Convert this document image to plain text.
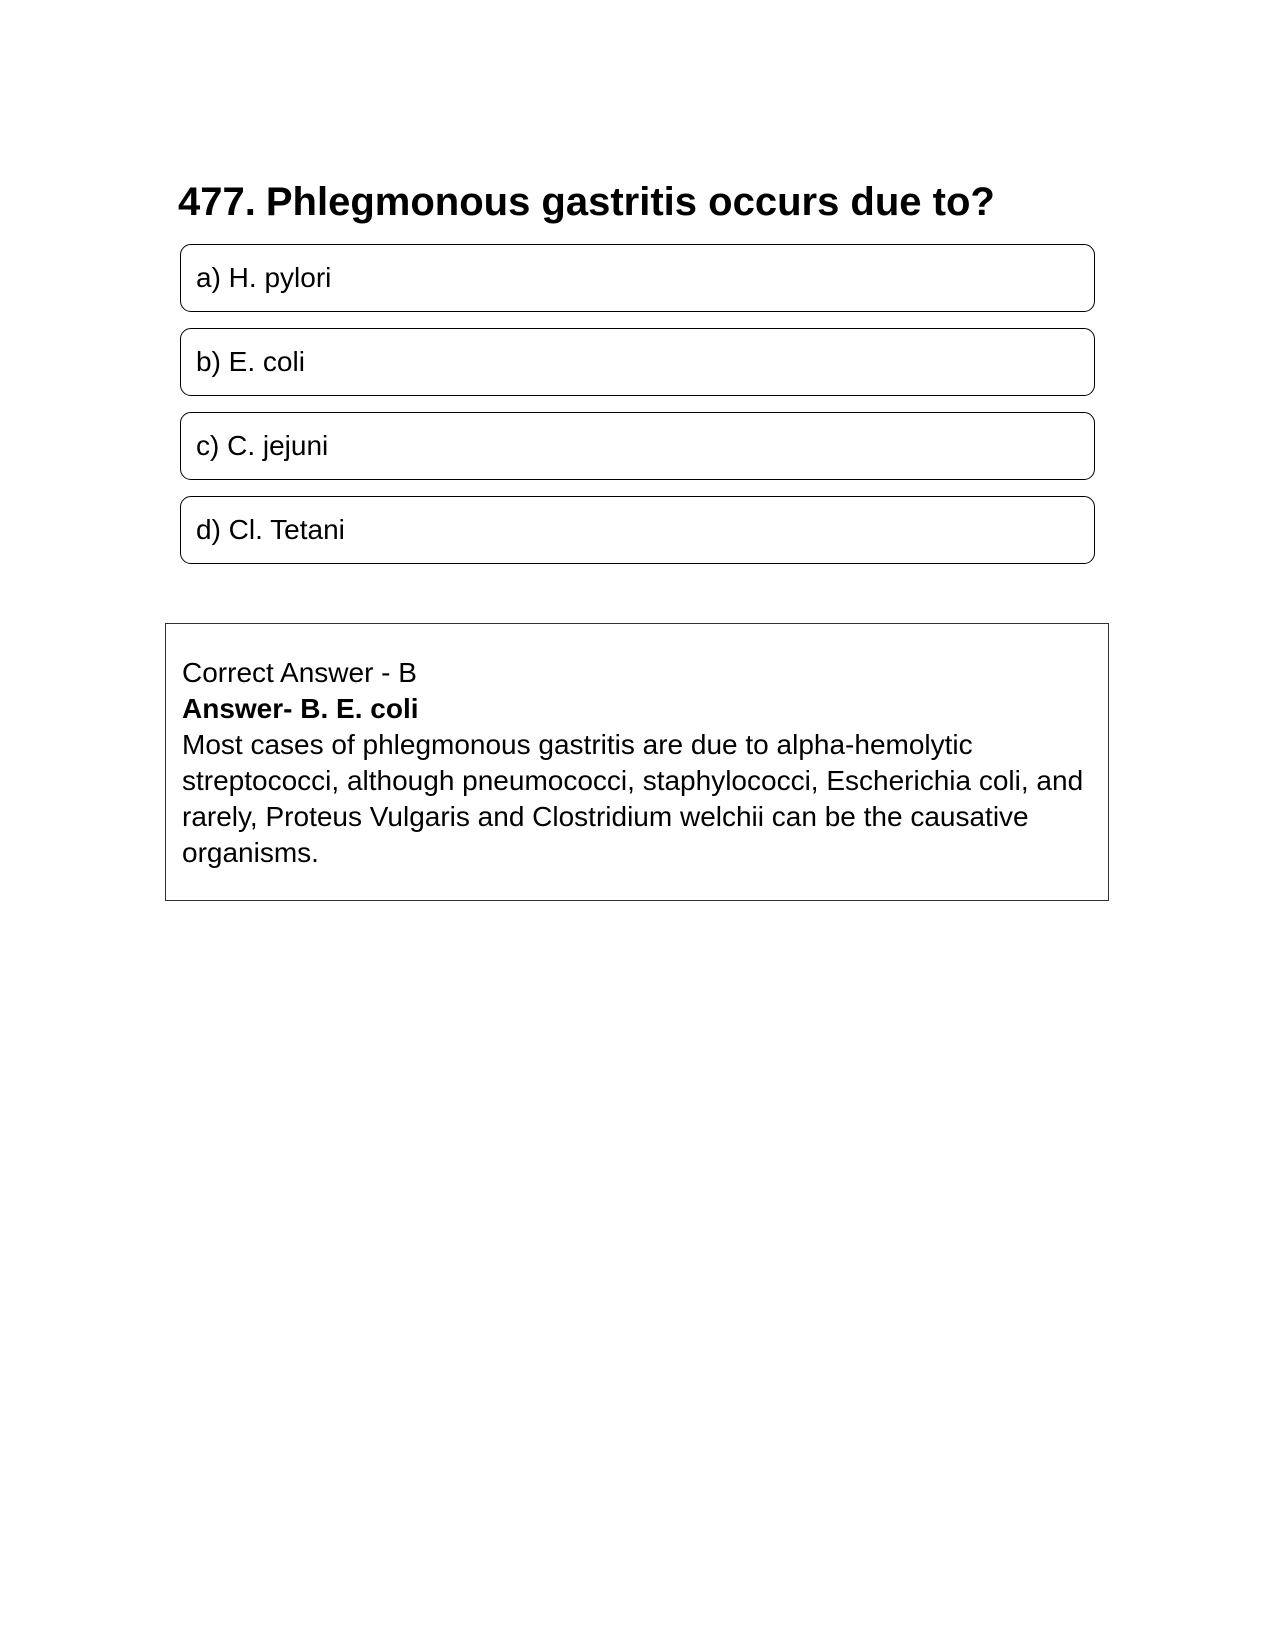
477. Phlegmonous gastritis occurs due to?
a) H. pylori
b) E. coli
c) C. jejuni
d) Cl. Tetani
Correct Answer - B
Answer- B. E. coli
Most cases of phlegmonous gastritis are due to alpha-hemolytic streptococci, although pneumococci, staphylococci, Escherichia coli, and rarely, Proteus Vulgaris and Clostridium welchii can be the causative organisms.
